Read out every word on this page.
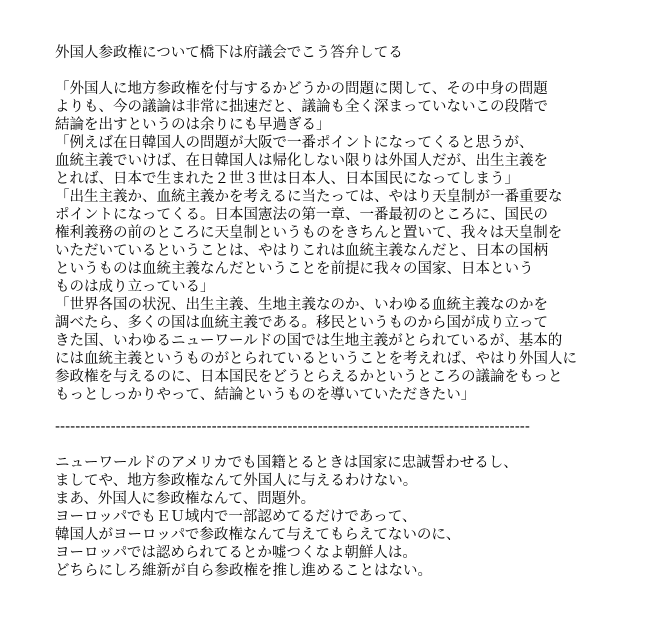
外国人参政権について橋下は府議会でこう答弁してる
「外国人に地方参政権を付与するかどうかの問題に関して、その中身の問題
よりも、今の議論は非常に拙速だと、議論も全く深まっていないこの段階で
結論を出すというのは余りにも早過ぎる」
「例えば在日韓国人の問題が大阪で一番ポイントになってくると思うが、
血統主義でいけば、在日韓国人は帰化しない限りは外国人だが、出生主義を
とれば、日本で生まれた２世３世は日本人、日本国民になってしまう」
「出生主義か、血統主義かを考えるに当たっては、やはり天皇制が一番重要な
ポイントになってくる。日本国憲法の第一章、一番最初のところに、国民の
権利義務の前のところに天皇制というものをきちんと置いて、我々は天皇制を
いただいているということは、やはりこれは血統主義なんだと、日本の国柄
というものは血統主義なんだということを前提に我々の国家、日本という
ものは成り立っている」
「世界各国の状況、出生主義、生地主義なのか、いわゆる血統主義なのかを
調べたら、多くの国は血統主義である。移民というものから国が成り立って
きた国、いわゆるニューワールドの国では生地主義がとられているが、基本的
には血統主義というものがとられているということを考えれば、やはり外国人に
参政権を与えるのに、日本国民をどうとらえるかというところの議論をもっと
もっとしっかりやって、結論というものを導いていただきたい」
----------------------------------------------------------------------------------------------
ニューワールドのアメリカでも国籍とるときは国家に忠誠誓わせるし、
ましてや、地方参政権なんて外国人に与えるわけない。
まあ、外国人に参政権なんて、問題外。
ヨーロッパでもＥＵ域内で一部認めてるだけであって、
韓国人がヨーロッパで参政権なんて与えてもらえてないのに、
ヨーロッパでは認められてるとか嘘つくなよ朝鮮人は。
どちらにしろ維新が自ら参政権を推し進めることはない。
